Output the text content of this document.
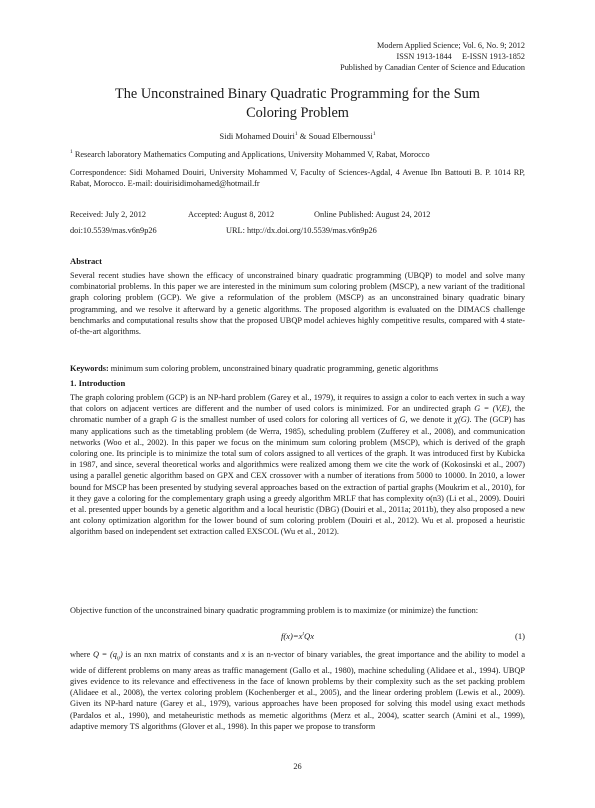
Modern Applied Science; Vol. 6, No. 9; 2012
ISSN 1913-1844     E-ISSN 1913-1852
Published by Canadian Center of Science and Education
The Unconstrained Binary Quadratic Programming for the Sum
Coloring Problem
Sidi Mohamed Douiri$^1$ & Souad Elbernoussi$^1$
$^1$ Research laboratory Mathematics Computing and Applications, University Mohammed V, Rabat, Morocco
Correspondence: Sidi Mohamed Douiri, University Mohammed V, Faculty of Sciences-Agdal, 4 Avenue Ibn Battouti B. P. 1014 RP, Rabat, Morocco. E-mail: douirisidimohamed@hotmail.fr
Received: July 2, 2012	Accepted: August 8, 2012	Online Published: August 24, 2012
doi:10.5539/mas.v6n9p26	URL: http://dx.doi.org/10.5539/mas.v6n9p26
Abstract
Several recent studies have shown the efficacy of unconstrained binary quadratic programming (UBQP) to model and solve many combinatorial problems. In this paper we are interested in the minimum sum coloring problem (MSCP), a new variant of the traditional graph coloring problem (GCP). We give a reformulation of the problem (MSCP) as an unconstrained binary quadratic binary programming, and we resolve it afterward by a genetic algorithms. The proposed algorithm is evaluated on the DIMACS challenge benchmarks and computational results show that the proposed UBQP model achieves highly competitive results, compared with 4 state-of-the-art algorithms.
Keywords: minimum sum coloring problem, unconstrained binary quadratic programming, genetic algorithms
1. Introduction
The graph coloring problem (GCP) is an NP-hard problem (Garey et al., 1979), it requires to assign a color to each vertex in such a way that colors on adjacent vertices are different and the number of used colors is minimized. For an undirected graph G = (V,E), the chromatic number of a graph G is the smallest number of used colors for coloring all vertices of G, we denote it χ(G). The (GCP) has many applications such as the timetabling problem (de Werra, 1985), scheduling problem (Zufferey et al., 2008), and communication networks (Woo et al., 2002). In this paper we focus on the minimum sum coloring problem (MSCP), which is derived of the graph coloring one. Its principle is to minimize the total sum of colors assigned to all vertices of the graph. It was introduced first by Kubicka in 1987, and since, several theoretical works and algorithmics were realized among them we cite the work of (Kokosinski et al., 2007) using a parallel genetic algorithm based on GPX and CEX crossover with a number of iterations from 5000 to 10000. In 2010, a lower bound for MSCP has been presented by studying several approaches based on the extraction of partial graphs (Moukrim et al., 2010), for it they gave a coloring for the complementary graph using a greedy algorithm MRLF that has complexity o(n3) (Li et al., 2009). Douiri et al. presented upper bounds by a genetic algorithm and a local heuristic (DBG) (Douiri et al., 2011a; 2011b), they also proposed a new ant colony optimization algorithm for the lower bound of sum coloring problem (Douiri et al., 2012). Wu et al. proposed a heuristic algorithm based on independent set extraction called EXSCOL (Wu et al., 2012).
Objective function of the unconstrained binary quadratic programming problem is to maximize (or minimize) the function:
$f(x)=x^tQx$	(1)
where $Q = (q_{ij})$ is an nxn matrix of constants and x is an n-vector of binary variables, the great importance and the ability to model a wide of different problems on many areas as traffic management (Gallo et al., 1980), machine scheduling (Alidaee et al., 1994). UBQP gives evidence to its relevance and effectiveness in the face of known problems by their complexity such as the set packing problem (Alidaee et al., 2008), the vertex coloring problem (Kochenberger et al., 2005), and the linear ordering problem (Lewis et al., 2009). Given its NP-hard nature (Garey et al., 1979), various approaches have been proposed for solving this model using exact methods (Pardalos et al., 1990), and metaheuristic methods as memetic algorithms (Merz et al., 2004), scatter search (Amini et al., 1999), adaptive memory TS algorithms (Glover et al., 1998). In this paper we propose to transform
26
